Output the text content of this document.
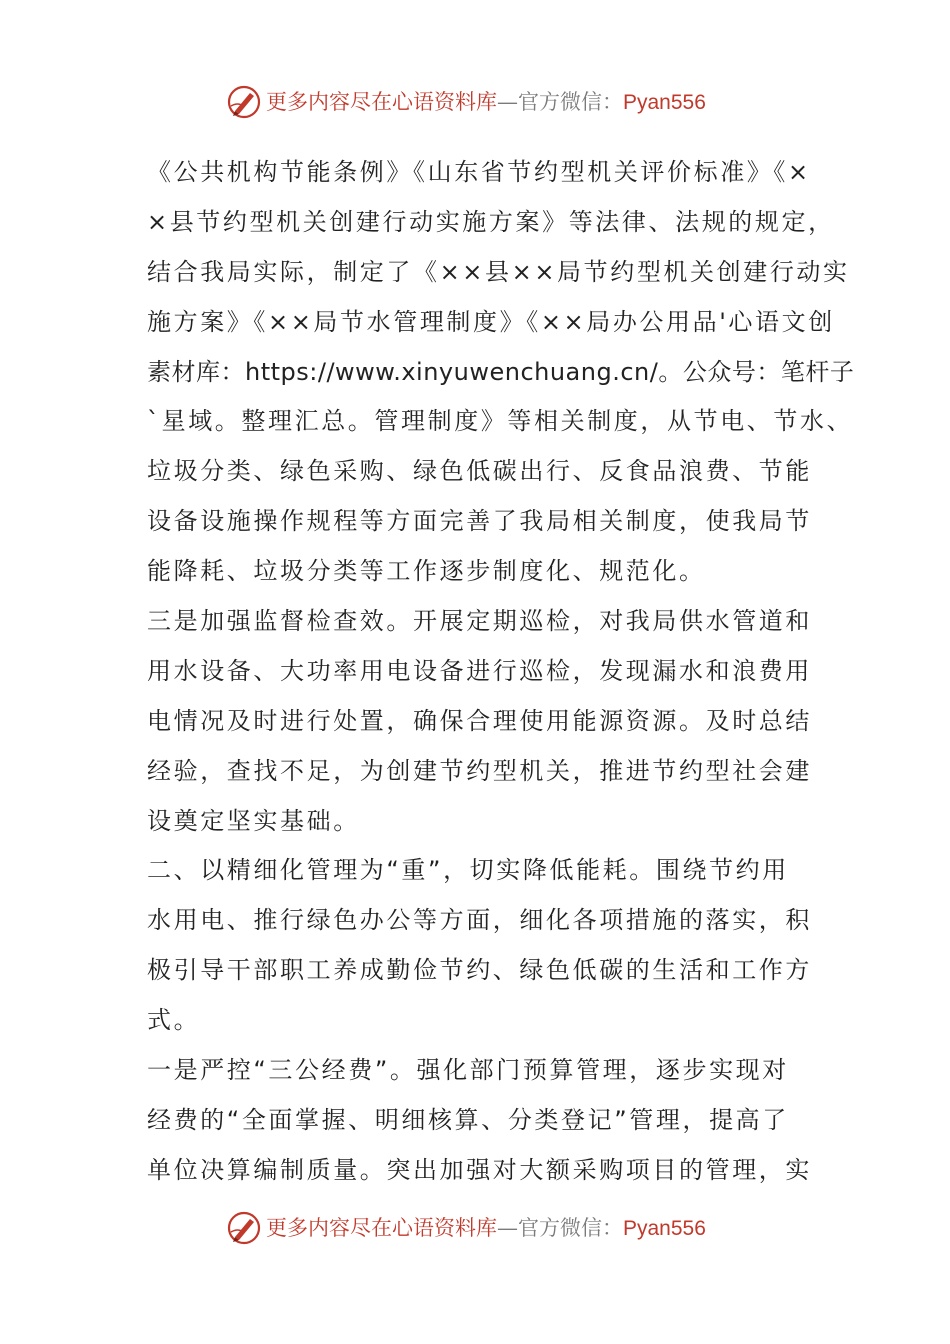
更多内容尽在心语资料库—官方微信：Pyan556
《公共机构节能条例》《山东省节约型机关评价标准》《×
×县节约型机关创建行动实施方案》等法律、法规的规定，
结合我局实际，制定了《××县××局节约型机关创建行动实
施方案》《××局节水管理制度》《××局办公用品'心语文创
素材库：https://www.xinyuwenchuang.cn/。公众号：笔杆子
`星域。整理汇总。管理制度》等相关制度，从节电、节水、
垃圾分类、绿色采购、绿色低碳出行、反食品浪费、节能
设备设施操作规程等方面完善了我局相关制度，使我局节
能降耗、垃圾分类等工作逐步制度化、规范化。
三是加强监督检查效。开展定期巡检，对我局供水管道和
用水设备、大功率用电设备进行巡检，发现漏水和浪费用
电情况及时进行处置，确保合理使用能源资源。及时总结
经验，查找不足，为创建节约型机关，推进节约型社会建
设奠定坚实基础。
二、以精细化管理为“重”，切实降低能耗。围绕节约用
水用电、推行绿色办公等方面，细化各项措施的落实，积
极引导干部职工养成勤俭节约、绿色低碳的生活和工作方
式。
一是严控“三公经费”。强化部门预算管理，逐步实现对
经费的“全面掌握、明细核算、分类登记”管理，提高了
单位决算编制质量。突出加强对大额采购项目的管理，实
更多内容尽在心语资料库—官方微信：Pyan556
